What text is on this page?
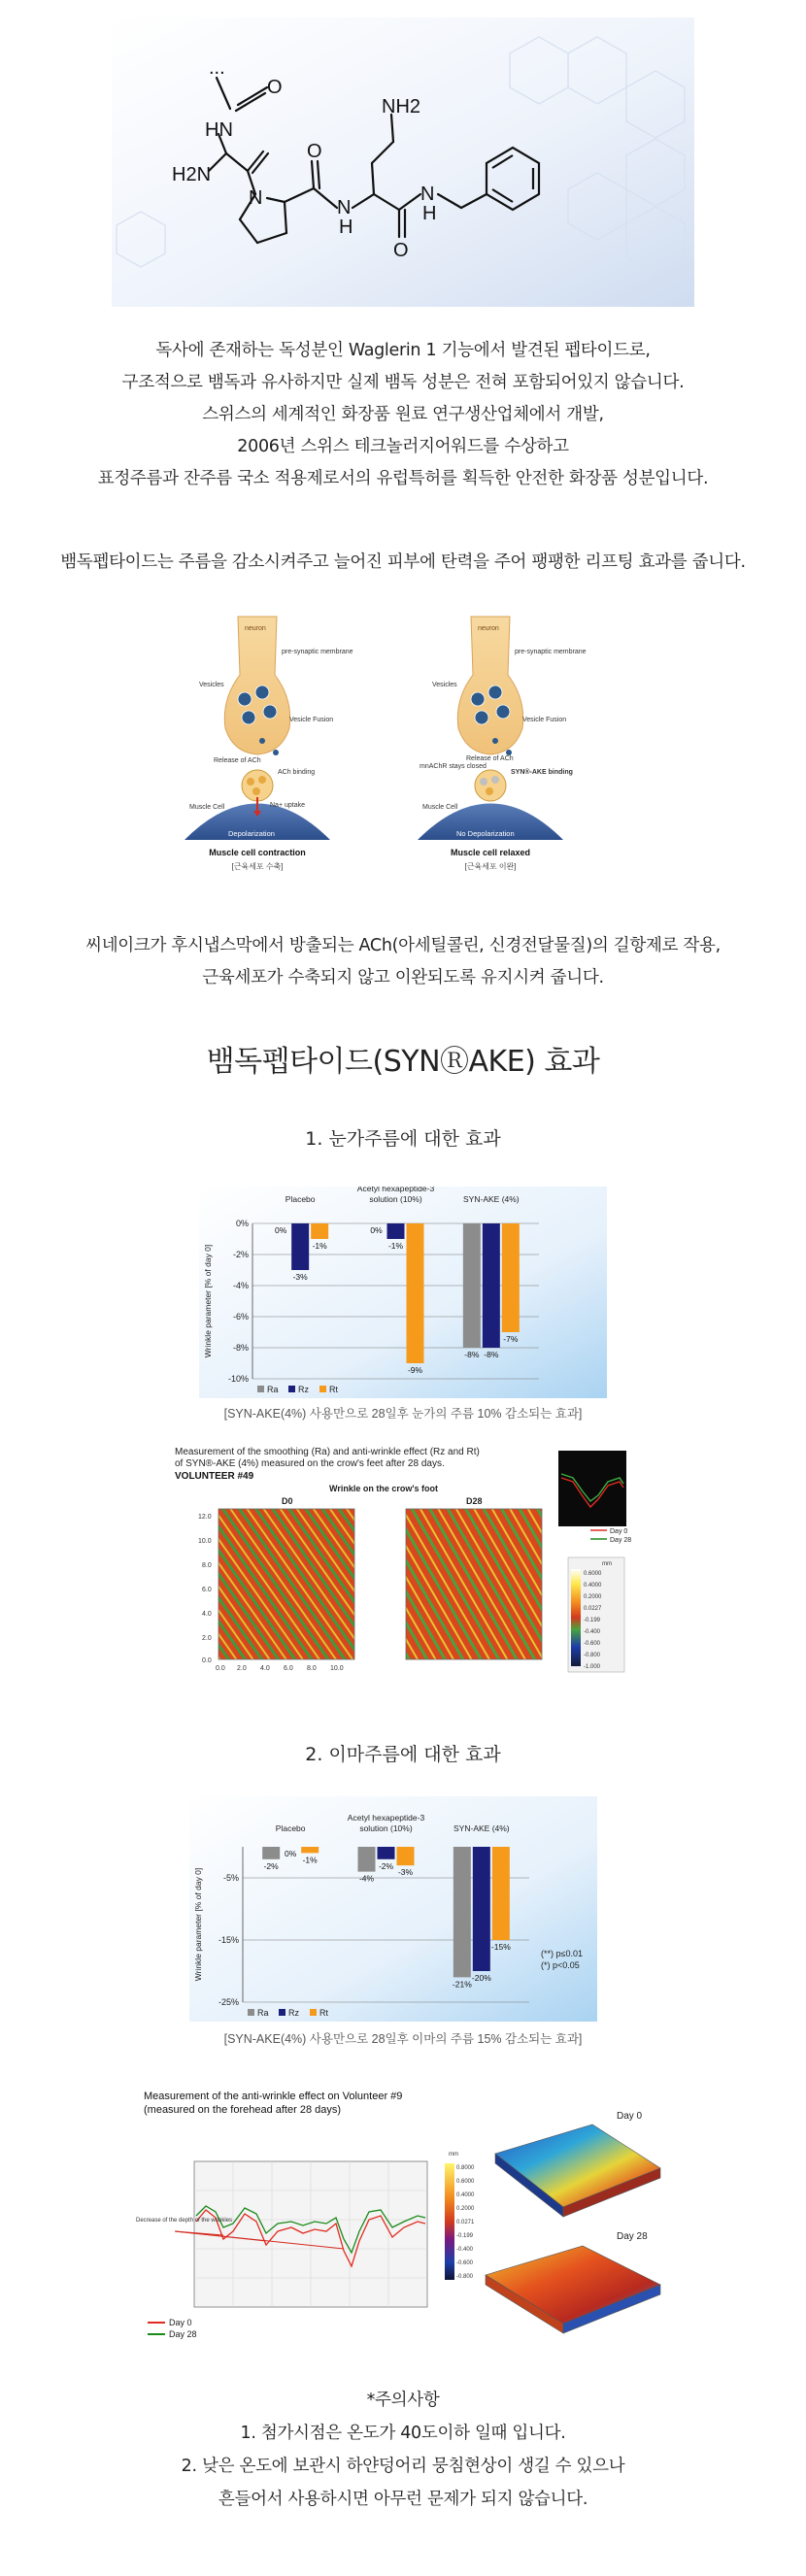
...
HN
O
NH2
H2N
N
O
N
H
O
N
H
독사에 존재하는 독성분인 Waglerin 1 기능에서 발견된 펩타이드로,
구조적으로 뱀독과 유사하지만 실제 뱀독 성분은 전혀 포함되어있지 않습니다.
스위스의 세계적인 화장품 원료 연구생산업체에서 개발,
2006년 스위스 테크놀러지어워드를 수상하고
표정주름과 잔주름 국소 적용제로서의 유럽특허를 획득한 안전한 화장품 성분입니다.
뱀독펩타이드는 주름을 감소시켜주고 늘어진 피부에 탄력을 주어 팽팽한 리프팅 효과를 줍니다.
neuron
pre-synaptic membrane
Vesicles
Vesicle Fusion
Release of ACh
ACh binding
Na+ uptake
Muscle Cell
Depolarization
Muscle cell contraction
[근육세포 수축]
neuron
pre-synaptic membrane
Vesicles
Vesicle Fusion
Release of ACh
mnAChR stays closed
SYN®-AKE binding
Muscle Cell
No Depolarization
Muscle cell relaxed
[근육세포 이완]
씨네이크가 후시냅스막에서 방출되는 ACh(아세틸콜린, 신경전달물질)의 길항제로 작용,
근육세포가 수축되지 않고 이완되도록 유지시켜 줍니다.
뱀독펩타이드(SYNⓇAKE) 효과
1. 눈가주름에 대한 효과
0%
-2%
-4%
-6%
-8%
-10%
Wrinkle parameter [% of day 0]
Placebo
0%
-3%
-1%
Acetyl hexapeptide-3
solution (10%)
0%
-1%
-9%
SYN-AKE (4%)
-8% -8%
-7%
Ra Rz Rt
[SYN-AKE(4%) 사용만으로 28일후 눈가의 주름 10% 감소되는 효과]
Measurement of the smoothing (Ra) and anti-wrinkle effect (Rz and Rt)
of SYN®-AKE (4%) measured on the crow's feet after 28 days.
VOLUNTEER #49
Wrinkle on the crow's foot
D0	D28
12.0
10.0
8.0
6.0
4.0
2.0
0.0
0.0 2.0 4.0 6.0 8.0 10.0
Day 0
Day 28
mm
0.6000
0.4000
0.2000
0.0227
-0.199
-0.400
-0.600
-0.800
-1.000
2. 이마주름에 대한 효과
-5%
-15%
-25%
Wrinkle parameter [% of day 0]
Placebo
-2%
0%
-1%
Acetyl hexapeptide-3
solution (10%)
-4%
-2%
-3%
SYN-AKE (4%)
-21%
-20%
-15%
Ra Rz Rt
(**) p≤0.01
(*) p<0.05
[SYN-AKE(4%) 사용만으로 28일후 이마의 주름 15% 감소되는 효과]
Measurement of the anti-wrinkle effect on Volunteer #9
(measured on the forehead after 28 days)
Decrease of the depth of the wrinkles
Day 0
Day 28
mm
0.8000
0.6000
0.4000
0.2000
0.0271
-0.199
-0.400
-0.600
-0.800
Day 0
Day 28
*주의사항
1. 첨가시점은 온도가 40도이하 일때 입니다.
2. 낮은 온도에 보관시 하얀덩어리 뭉침현상이 생길 수 있으나
흔들어서 사용하시면 아무런 문제가 되지 않습니다.
